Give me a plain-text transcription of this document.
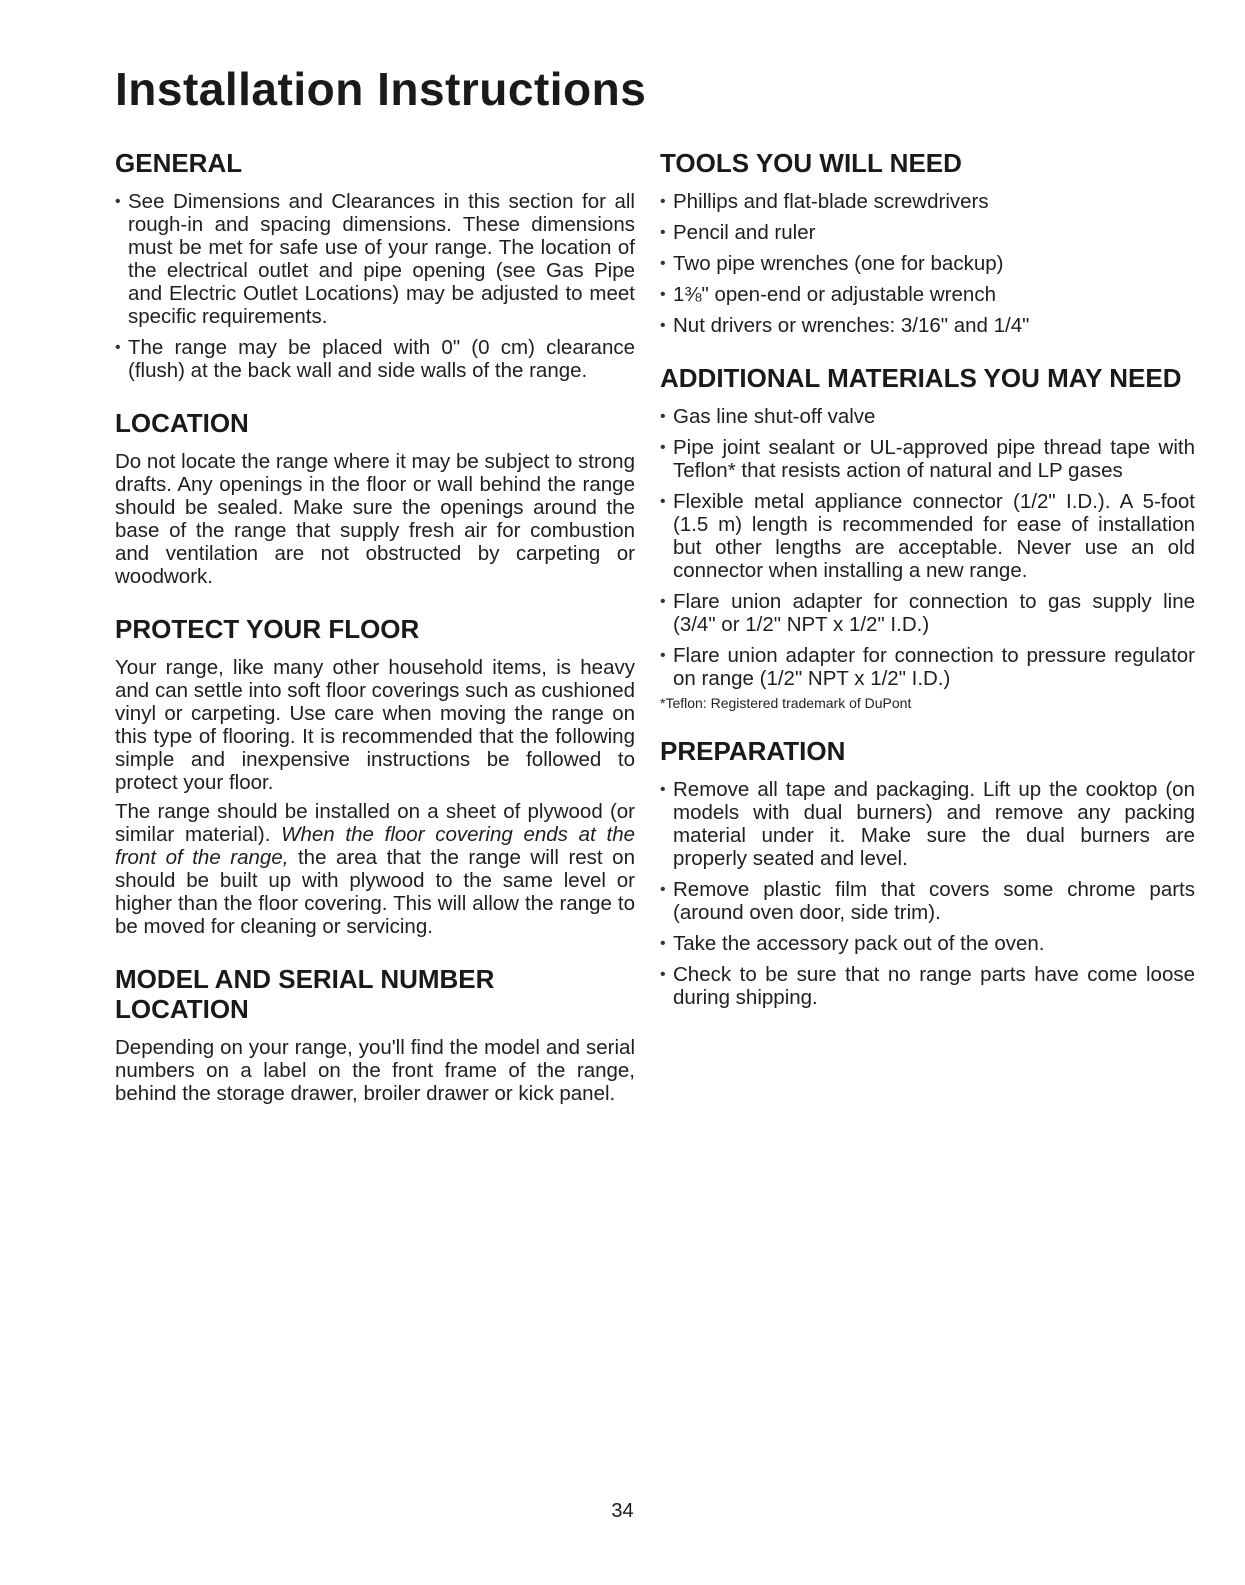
Installation Instructions
GENERAL
• See Dimensions and Clearances in this section for all rough-in and spacing dimensions. These dimensions must be met for safe use of your range. The location of the electrical outlet and pipe opening (see Gas Pipe and Electric Outlet Locations) may be adjusted to meet specific requirements.
• The range may be placed with 0" (0 cm) clearance (flush) at the back wall and side walls of the range.
LOCATION

Do not locate the range where it may be subject to strong drafts. Any openings in the floor or wall behind the range should be sealed. Make sure the openings around the base of the range that supply fresh air for combustion and ventilation are not obstructed by carpeting or woodwork.

PROTECT YOUR FLOOR

Your range, like many other household items, is heavy and can settle into soft floor coverings such as cushioned vinyl or carpeting. Use care when moving the range on this type of flooring. It is recommended that the following simple and inexpensive instructions be followed to protect your floor.

The range should be installed on a sheet of plywood (or similar material). When the floor covering ends at the front of the range, the area that the range will rest on should be built up with plywood to the same level or higher than the floor covering. This will allow the range to be moved for cleaning or servicing.

MODEL AND SERIAL NUMBER LOCATION

Depending on your range, you'll find the model and serial numbers on a label on the front frame of the range, behind the storage drawer, broiler drawer or kick panel.

TOOLS YOU WILL NEED
• Phillips and flat-blade screwdrivers
• Pencil and ruler
• Two pipe wrenches (one for backup)
• 1⅜" open-end or adjustable wrench
• Nut drivers or wrenches: 3/16" and 1/4"
ADDITIONAL MATERIALS YOU MAY NEED
• Gas line shut-off valve
• Pipe joint sealant or UL-approved pipe thread tape with Teflon* that resists action of natural and LP gases
• Flexible metal appliance connector (1/2" I.D.). A 5-foot (1.5 m) length is recommended for ease of installation but other lengths are acceptable. Never use an old connector when installing a new range.
• Flare union adapter for connection to gas supply line (3/4" or 1/2" NPT x 1/2" I.D.)
• Flare union adapter for connection to pressure regulator on range (1/2" NPT x 1/2" I.D.)
*Teflon: Registered trademark of DuPont
PREPARATION
• Remove all tape and packaging. Lift up the cooktop (on models with dual burners) and remove any packing material under it. Make sure the dual burners are properly seated and level.
• Remove plastic film that covers some chrome parts (around oven door, side trim).
• Take the accessory pack out of the oven.
• Check to be sure that no range parts have come loose during shipping.
34
